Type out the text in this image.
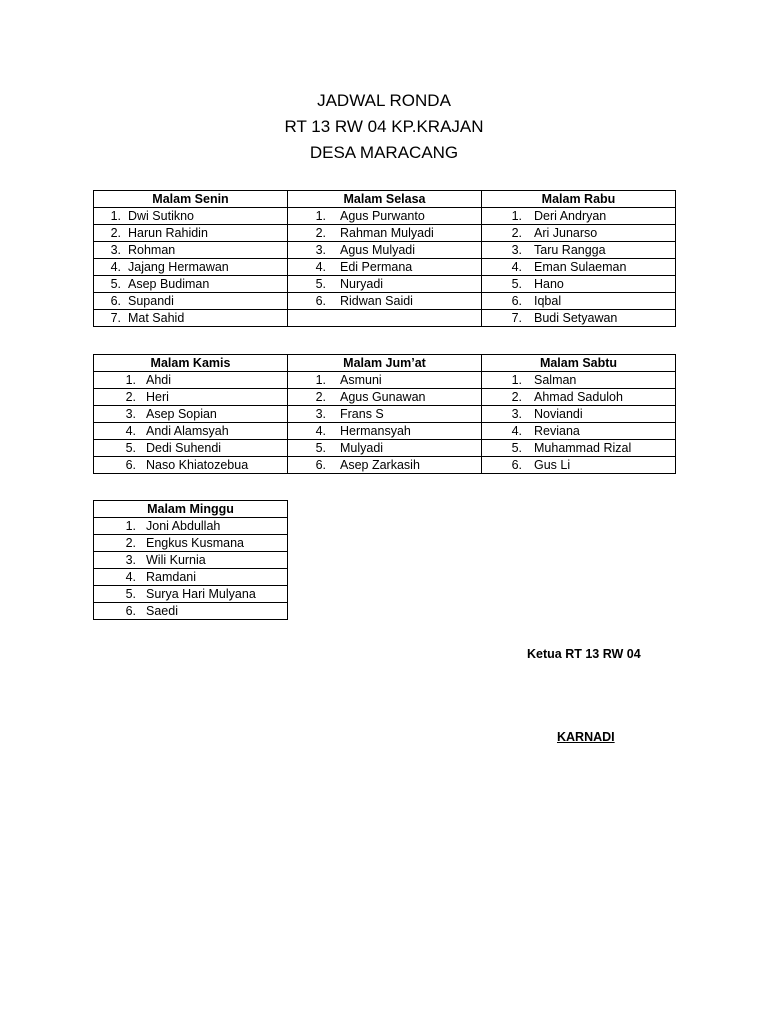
JADWAL RONDA
RT 13 RW 04 KP.KRAJAN
DESA MARACANG
Malam Senin	Malam Selasa	Malam Rabu
1. Dwi Sutikno	1. Agus Purwanto	1. Deri Andryan
2. Harun Rahidin	2. Rahman Mulyadi	2. Ari Junarso
3. Rohman	3. Agus Mulyadi	3. Taru Rangga
4. Jajang Hermawan	4. Edi Permana	4. Eman Sulaeman
5. Asep Budiman	5. Nuryadi	5. Hano
6. Supandi	6. Ridwan Saidi	6. Iqbal
7. Mat Sahid		7. Budi Setyawan
Malam Kamis	Malam Jum’at	Malam Sabtu
1. Ahdi	1. Asmuni	1. Salman
2. Heri	2. Agus Gunawan	2. Ahmad Saduloh
3. Asep Sopian	3. Frans S	3. Noviandi
4. Andi Alamsyah	4. Hermansyah	4. Reviana
5. Dedi Suhendi	5. Mulyadi	5. Muhammad Rizal
6. Naso Khiatozebua	6. Asep Zarkasih	6. Gus Li
Malam Minggu
1. Joni Abdullah
2. Engkus Kusmana
3. Wili Kurnia
4. Ramdani
5. Surya Hari Mulyana
6. Saedi
Ketua RT 13 RW 04
KARNADI
